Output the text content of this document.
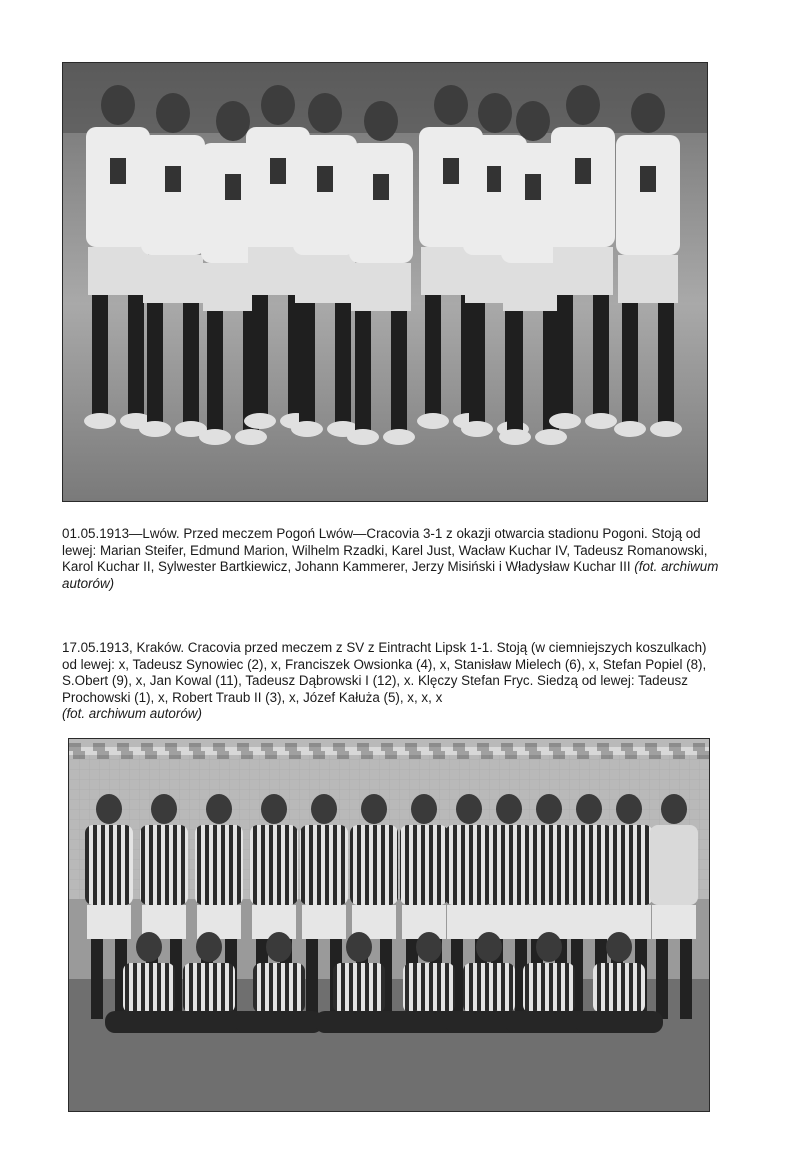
01.05.1913—Lwów. Przed meczem Pogoń Lwów—Cracovia 3-1 z okazji otwarcia stadionu Pogoni. Stoją od lewej: Marian Steifer, Edmund Marion, Wilhelm Rzadki, Karel Just, Wacław Kuchar IV, Tadeusz Romanowski, Karol Kuchar II, Sylwester Bartkiewicz, Johann Kammerer, Jerzy Misiński i Władysław Kuchar III (fot. archiwum autorów)

17.05.1913, Kraków. Cracovia przed meczem z SV z Eintracht Lipsk 1-1. Stoją (w ciemniejszych koszulkach) od lewej: x, Tadeusz Synowiec (2), x, Franciszek Owsionka (4), x, Stanisław Mielech (6), x, Stefan Popiel (8), S.Obert (9), x, Jan Kowal (11), Tadeusz Dąbrowski I (12), x. Klęczy Stefan Fryc. Siedzą od lewej: Tadeusz Prochowski (1), x, Robert Traub II (3), x, Józef Kałuża (5), x, x, x
(fot. archiwum autorów)
